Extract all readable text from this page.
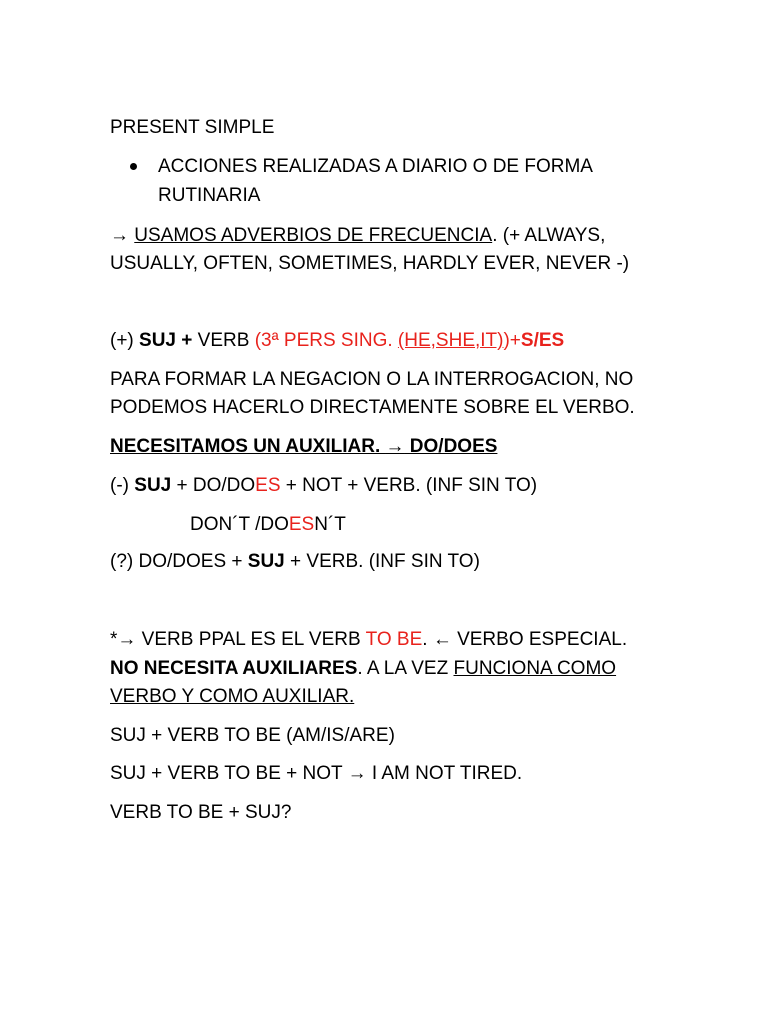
PRESENT SIMPLE
ACCIONES REALIZADAS A DIARIO O DE FORMA
RUTINARIA
→ USAMOS ADVERBIOS DE FRECUENCIA. (+ ALWAYS,
USUALLY, OFTEN, SOMETIMES, HARDLY EVER, NEVER -)
(+) SUJ + VERB (3ª PERS SING. (HE,SHE,IT))+S/ES
PARA FORMAR LA NEGACION O LA INTERROGACION, NO
PODEMOS HACERLO DIRECTAMENTE SOBRE EL VERBO.
NECESITAMOS UN AUXILIAR. → DO/DOES
(-) SUJ + DO/DOES + NOT + VERB. (INF SIN TO)
DON´T /DOESN´T
(?) DO/DOES + SUJ + VERB. (INF SIN TO)
*→ VERB PPAL ES EL VERB TO BE. ← VERBO ESPECIAL.
NO NECESITA AUXILIARES. A LA VEZ FUNCIONA COMO
VERBO Y COMO AUXILIAR.
SUJ + VERB TO BE (AM/IS/ARE)
SUJ + VERB TO BE + NOT → I AM NOT TIRED.
VERB TO BE + SUJ?
